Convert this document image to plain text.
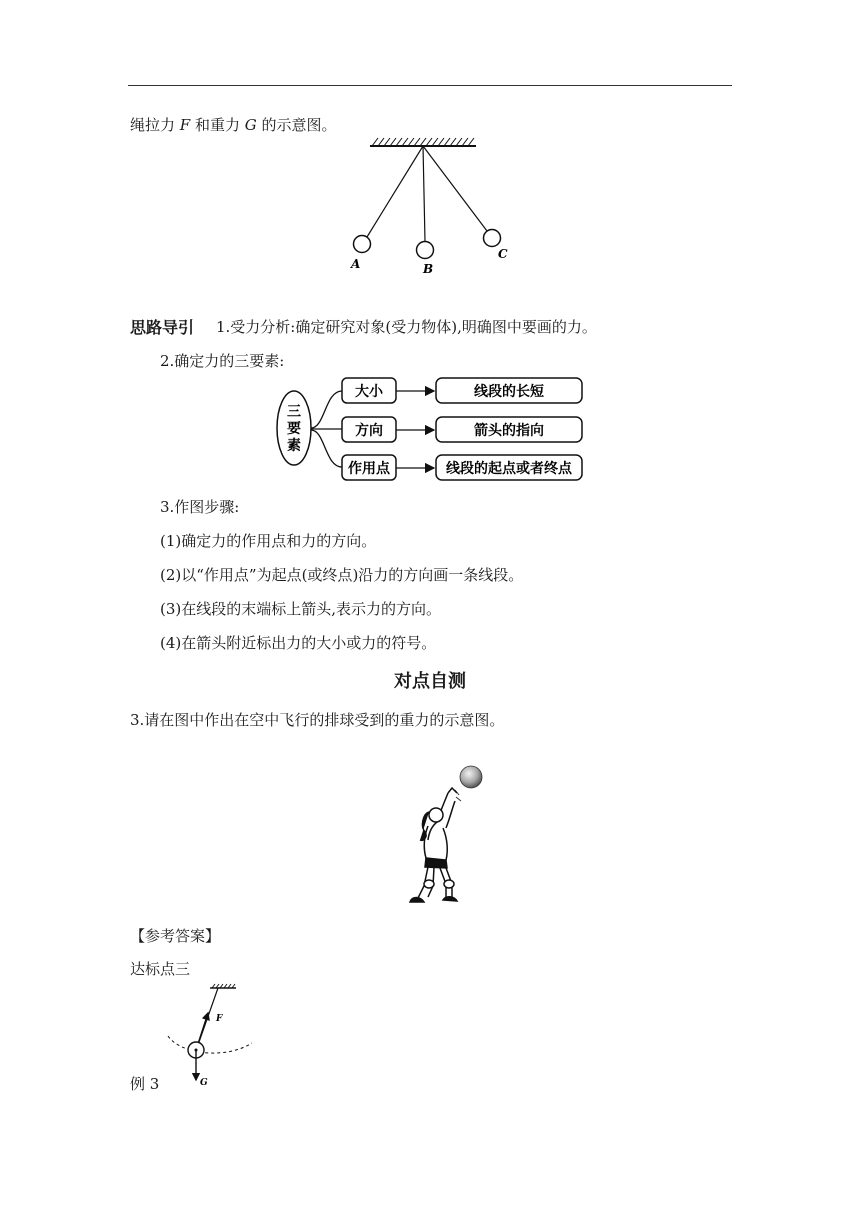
绳拉力 F 和重力 G 的示意图。
A	B
C
思路导引 1.受力分析:确定研究对象(受力物体),明确图中要画的力。
2.确定力的三要素:
三
要
素
大小
方向
作用点
线段的长短
箭头的指向
线段的起点或者终点
3.作图步骤:
(1)确定力的作用点和力的方向。
(2)以“作用点”为起点(或终点)沿力的方向画一条线段。
(3)在线段的末端标上箭头,表示力的方向。
(4)在箭头附近标出力的大小或力的符号。
对点自测
3.请在图中作出在空中飞行的排球受到的重力的示意图。
【参考答案】
达标点三
F
G
例 3
